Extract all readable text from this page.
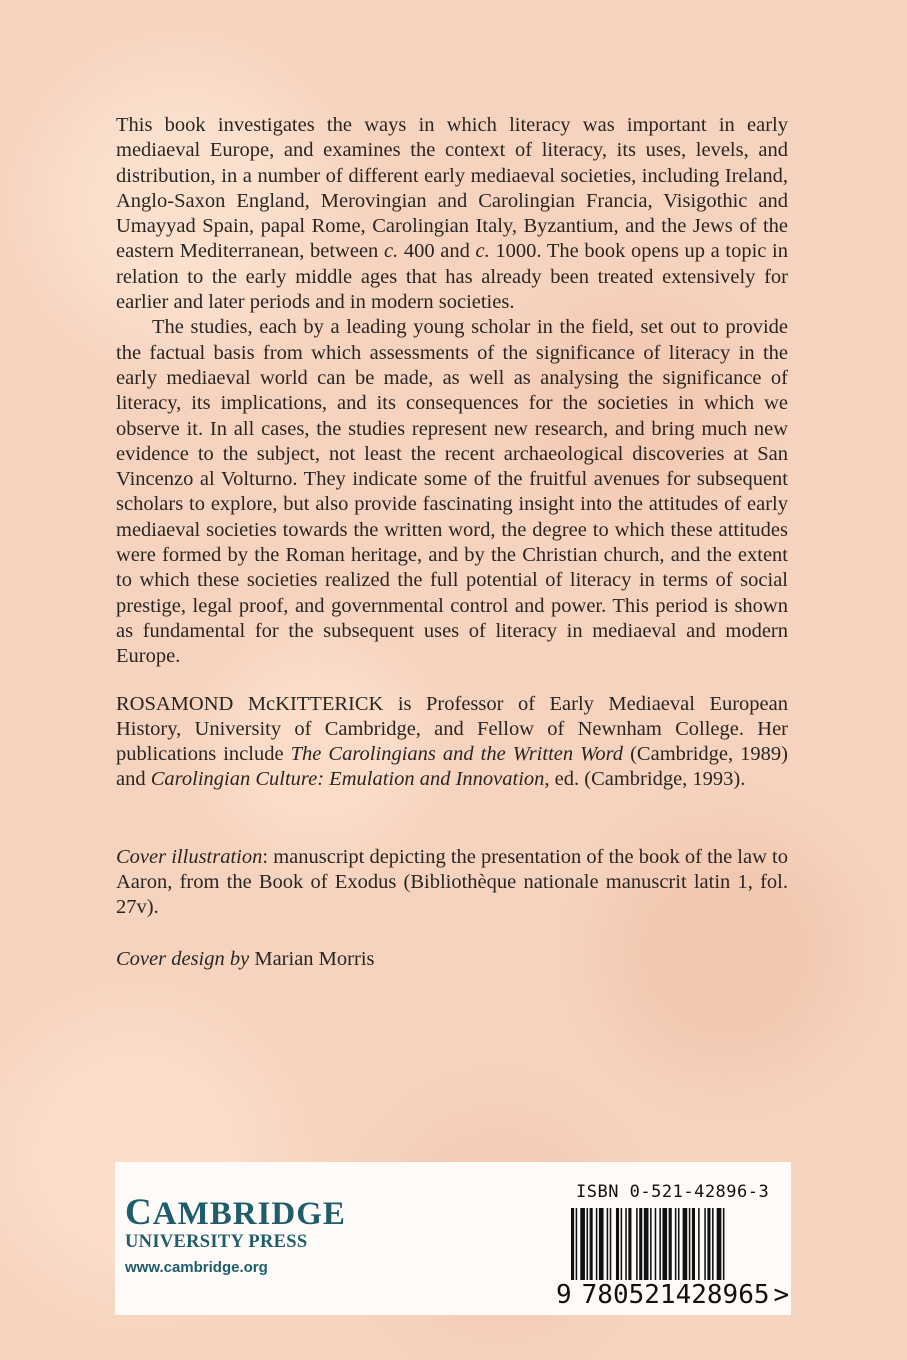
This book investigates the ways in which literacy was important in early mediaeval Europe, and examines the context of literacy, its uses, levels, and distribution, in a number of different early mediaeval societies, including Ireland, Anglo-Saxon England, Merovingian and Carolingian Francia, Visigothic and Umayyad Spain, papal Rome, Carolingian Italy, Byzantium, and the Jews of the eastern Mediterranean, between c. 400 and c. 1000. The book opens up a topic in relation to the early middle ages that has already been treated extensively for earlier and later periods and in modern societies.

The studies, each by a leading young scholar in the field, set out to provide the factual basis from which assessments of the significance of literacy in the early mediaeval world can be made, as well as analysing the significance of literacy, its implications, and its consequences for the societies in which we observe it. In all cases, the studies represent new research, and bring much new evidence to the subject, not least the recent archaeological discoveries at San Vincenzo al Volturno. They indicate some of the fruitful avenues for subsequent scholars to explore, but also provide fascinating insight into the attitudes of early mediaeval societies towards the written word, the degree to which these attitudes were formed by the Roman heritage, and by the Christian church, and the extent to which these societies realized the full potential of literacy in terms of social prestige, legal proof, and governmental control and power. This period is shown as fundamental for the subsequent uses of literacy in mediaeval and modern Europe.

ROSAMOND McKITTERICK is Professor of Early Mediaeval European History, University of Cambridge, and Fellow of Newnham College. Her publications include The Carolingians and the Written Word (Cambridge, 1989) and Carolingian Culture: Emulation and Innovation, ed. (Cambridge, 1993).

Cover illustration: manuscript depicting the presentation of the book of the law to Aaron, from the Book of Exodus (Bibliothèque nationale manuscrit latin 1, fol. 27v).

Cover design by Marian Morris

CAMBRIDGE
UNIVERSITY PRESS
www.cambridge.org
ISBN 0-521-42896-3
9 780521428965 >
